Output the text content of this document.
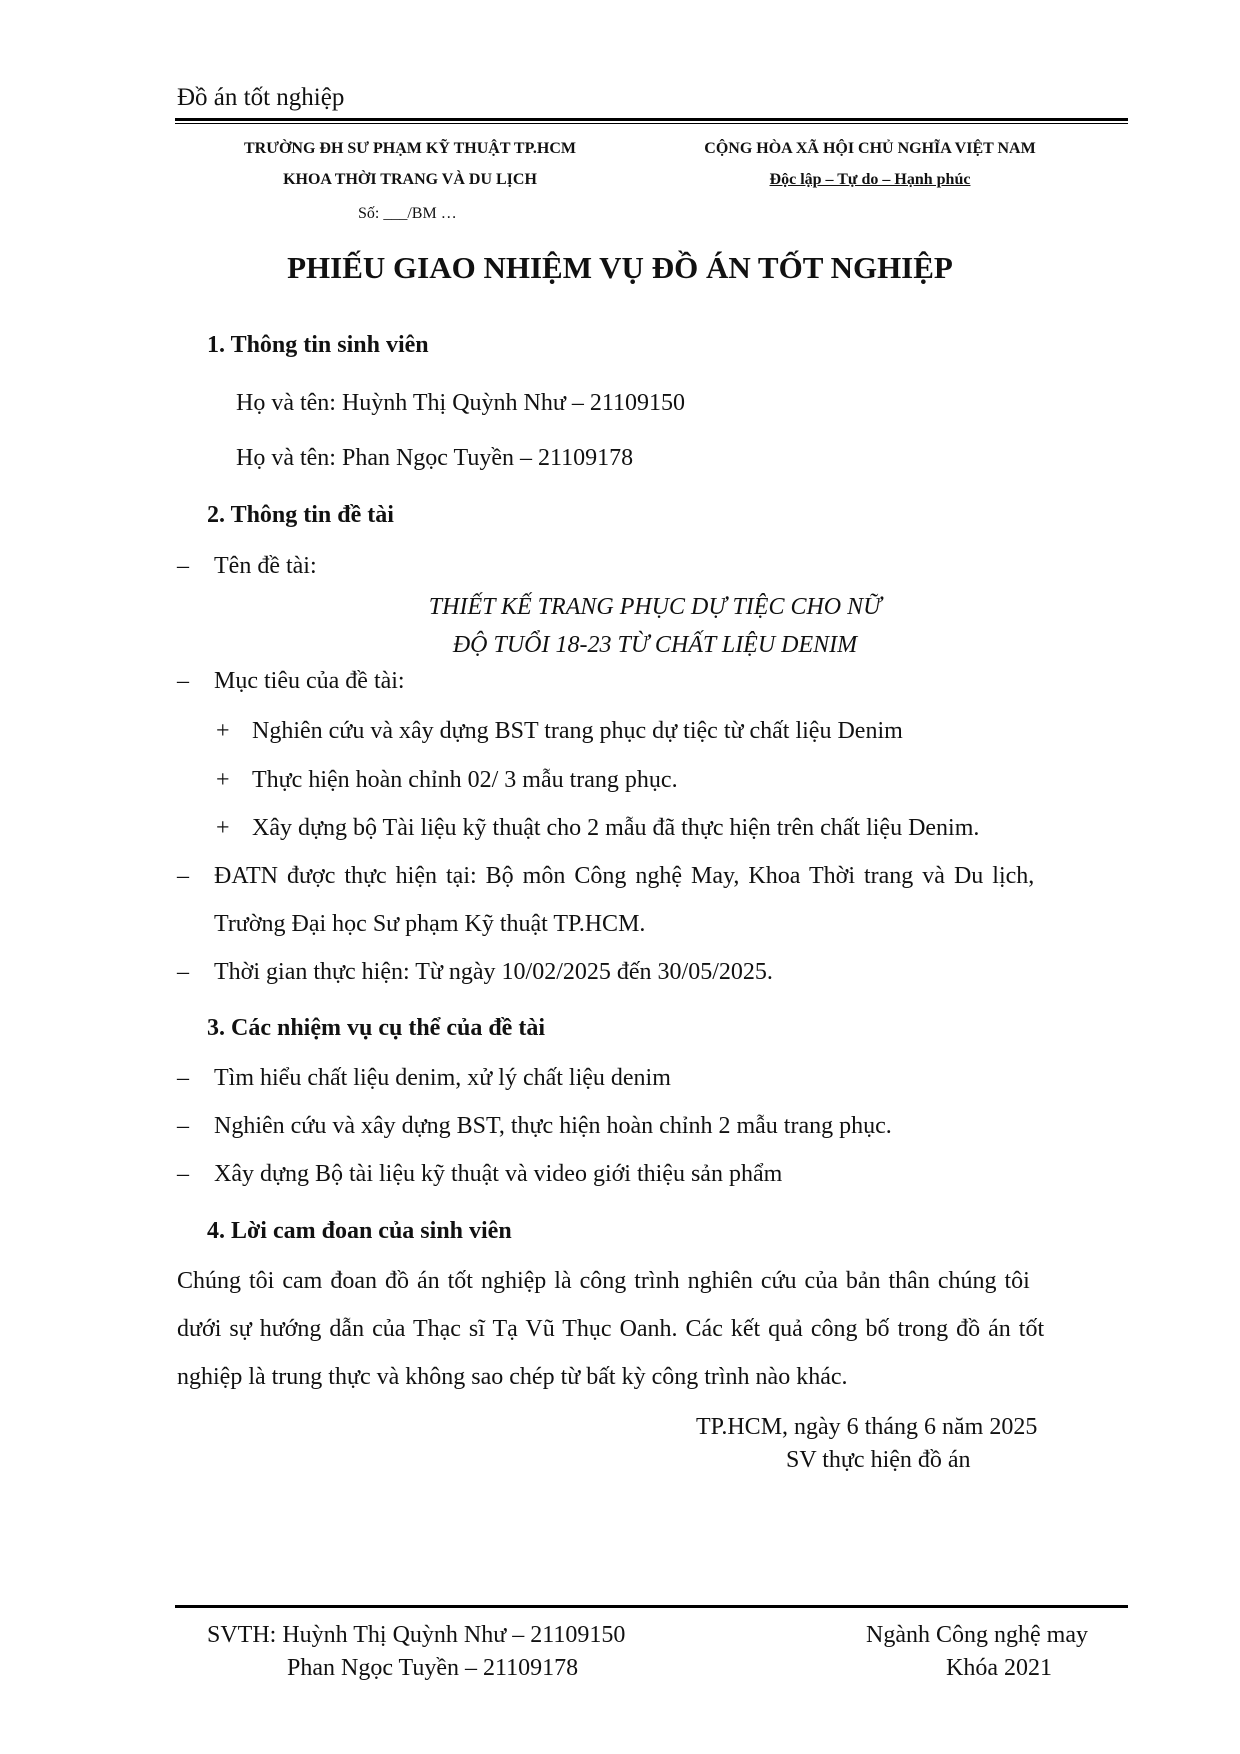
Đồ án tốt nghiệp
TRƯỜNG ĐH SƯ PHẠM KỸ THUẬT TP.HCM
KHOA THỜI TRANG VÀ DU LỊCH
Số: ___/BM …
CỘNG HÒA XÃ HỘI CHỦ NGHĨA VIỆT NAM
Độc lập – Tự do – Hạnh phúc
PHIẾU GIAO NHIỆM VỤ ĐỒ ÁN TỐT NGHIỆP
1. Thông tin sinh viên
Họ và tên: Huỳnh Thị Quỳnh Như – 21109150
Họ và tên: Phan Ngọc Tuyền – 21109178
2. Thông tin đề tài
– Tên đề tài:
THIẾT KẾ TRANG PHỤC DỰ TIỆC CHO NỮ
ĐỘ TUỔI 18-23 TỪ CHẤT LIỆU DENIM
– Mục tiêu của đề tài:
+ Nghiên cứu và xây dựng BST trang phục dự tiệc từ chất liệu Denim
+ Thực hiện hoàn chỉnh 02/ 3 mẫu trang phục.
+ Xây dựng bộ Tài liệu kỹ thuật cho 2 mẫu đã thực hiện trên chất liệu Denim.
– ĐATN được thực hiện tại: Bộ môn Công nghệ May, Khoa Thời trang và Du lịch,
Trường Đại học Sư phạm Kỹ thuật TP.HCM.
– Thời gian thực hiện: Từ ngày 10/02/2025 đến 30/05/2025.
3. Các nhiệm vụ cụ thể của đề tài
– Tìm hiểu chất liệu denim, xử lý chất liệu denim
– Nghiên cứu và xây dựng BST, thực hiện hoàn chỉnh 2 mẫu trang phục.
– Xây dựng Bộ tài liệu kỹ thuật và video giới thiệu sản phẩm
4. Lời cam đoan của sinh viên
Chúng tôi cam đoan đồ án tốt nghiệp là công trình nghiên cứu của bản thân chúng tôi
dưới sự hướng dẫn của Thạc sĩ Tạ Vũ Thục Oanh. Các kết quả công bố trong đồ án tốt
nghiệp là trung thực và không sao chép từ bất kỳ công trình nào khác.
TP.HCM, ngày 6 tháng 6 năm 2025
SV thực hiện đồ án
SVTH: Huỳnh Thị Quỳnh Như – 21109150
Phan Ngọc Tuyền – 21109178
Ngành Công nghệ may
Khóa 2021
